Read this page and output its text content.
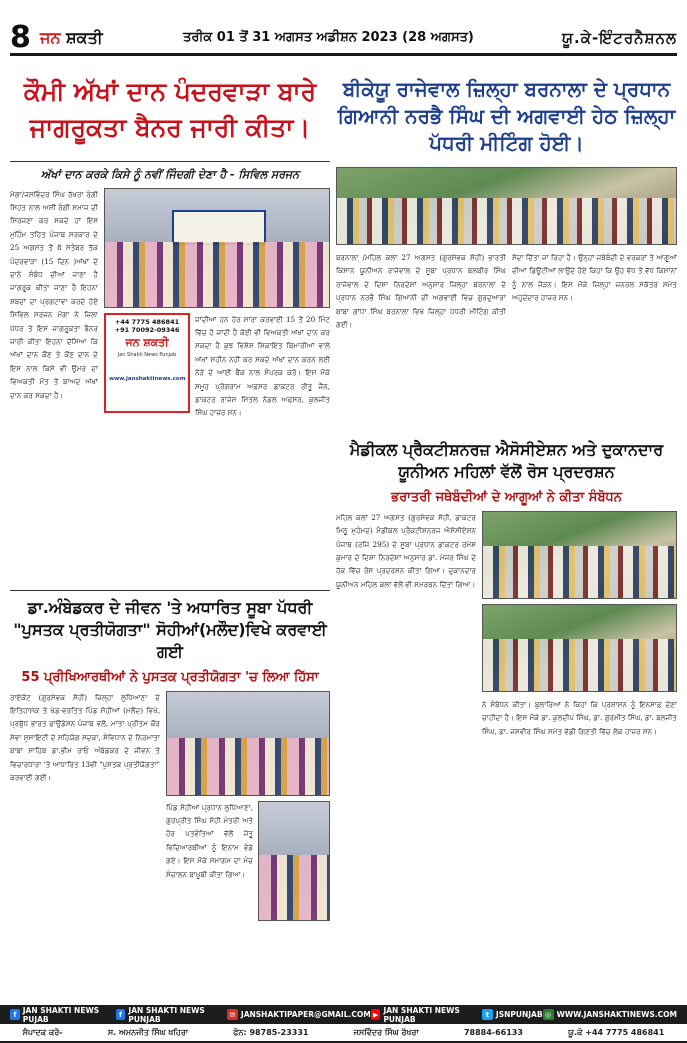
8 ਜਨ
ਸ਼ਕਤੀ	ਤਰੀਕ 01 ਤੋਂ 31 ਅਗਸਤ ਅਡੀਸ਼ਨ 2023 (28 ਅਗਸਤ)	ਯੂ.ਕੇ-ਇੰਟਰਨੈਸ਼ਨਲ
ਕੌਮੀ ਅੱਖਾਂ ਦਾਨ ਪੰਦਰਵਾੜਾ ਬਾਰੇ ਜਾਗਰੂਕਤਾ ਬੈਨਰ ਜਾਰੀ ਕੀਤਾ।
ਅੱਖਾਂ ਦਾਨ ਕਰਕੇ ਕਿਸੇ ਨੂੰ ਨਵੀਂ ਜਿੰਦਗੀ ਦੇਣਾ ਹੈ - ਸਿਵਿਲ ਸਰਜਨ

ਮੋਗਾ/ਜਸਵਿੰਦਰ ਸਿੰਘ ਰੱਖਰਾ ਰੰਗੀ ਸਿਹਤ ਨਾਲ ਅਸੀਂ ਰੰਗੀ ਸਮਾਜ ਦੀ ਸਿਰਜਣਾ ਕਰ ਸਕਦੇ ਹਾਂ ਇਸ ਮੁਹਿੰਮ ਤਹਿਤ ਪੰਜਾਬ ਸਰਕਾਰ ਦੇ 25 ਅਗਸਤ ਤੋਂ 8 ਸਤੰਬਰ ਤੱਕ ਪੰਦਰਵਾੜਾ (15 ਦਿਨ )ਅੱਖਾਂ ਦੇ ਦਾਨੇ ਸੰਬੰਧ ਦੀਆਂ ਜਾਣਾ ਹੈ ਜਾਗਰੂਕ ਕੀਤਾ ਜਾਣਾ ਹੈ ਇਹਨਾ ਸ਼ਬਦਾਂ ਦਾ ਪ੍ਰਗਟਾਵਾ ਕਰਦੇ ਹੋਏ ਸਿਵਿਲ ਸਰਜਨ ਮੋਗਾ ਨੇ ਜ਼ਿਲਾ ਪੱਧਰ ਤੇ ਇਸ ਜਾਗਰੂਕਤਾ ਬੈਨਰ ਜਾਰੀ ਕੀਤਾ ਇਹਨਾ ਦੱਸਿਆ ਕਿ ਅੱਖਾਂ ਦਾਨ ਕੌਣ ਤੇ ਕੌਣ ਦਾਨ ਦੇ ਇਸ ਨਾਲ ਕਿਸੇ ਵੀ ਉਮਰ ਦਾ ਵਿਅਕਤੀ ਮੌਤ ਤੋਂ ਬਾਅਦ ਅੱਖਾਂ ਦਾਨ ਕਰ ਸਕਦਾ ਹੈ।

+44 7775 486841
+91 70092-09346
ਜਨ ਸ਼ਕਤੀ
Jan Shakti News Punjab
www.janshaktinews.com

ਜਾਂਦੀਆਂ ਹਨ ਹੋਰ ਸਾਰਾ ਕਰਵਾਈ 15 ਤੋਂ 20 ਮਿੰਟ ਵਿੱਚ ਹੋ ਜਾਂਦੀ ਹੈ ਕੋਈ ਵੀ ਵਿਅਕਤੀ ਅੱਖਾਂ ਦਾਨ ਕਰ ਸਕਦਾ ਹੈ ਕੁਝ ਵਿਸ਼ੇਸ਼ ਸ਼ਿਕਾਇਤ ਬਿਮਾਰੀਆਂ ਵਾਲੇ ਅੱਖਾਂ ਸਹੀਨ ਨਹੀਂ ਕਰ ਸਕਦੇ ਅੱਖਾਂ ਦਾਨ ਕਰਨ ਲਈ ਨੇੜੇ ਦੇ ਆਈ ਬੈਂਕ ਨਾਲ ਸੰਪਰਕ ਕਰੋ। ਇਸ ਮੌਕੇ ਸਮੂਹ ਪ੍ਰੋਗਰਾਮ ਅਫਸਰ ਡਾਕਟਰ ਰੀਤੂ ਜੈਨ, ਡਾਕਟਰ ਰਾਜੇਸ਼ ਮਿੱਤਲ ਨੋਡਲ ਅਫਸਰ, ਕੁਲਜੀਤ ਸਿੰਘ ਹਾਜ਼ਰ ਸਨ।

ਡਾ.ਅੰਬੇਡਕਰ ਦੇ ਜੀਵਨ 'ਤੇ ਅਧਾਰਿਤ ਸੂਬਾ ਪੱਧਰੀ "ਪੁਸਤਕ ਪ੍ਰਤੀਯੋਗਤਾ" ਸੋਹੀਆਂ(ਮਲੌਦ)ਵਿਖੇ ਕਰਵਾਈ ਗਈ
55 ਪ੍ਰੀਖਿਆਰਥੀਆਂ ਨੇ ਪੁਸਤਕ ਪ੍ਰਤੀਯੋਗਤਾ 'ਚ ਲਿਆ ਹਿੱਸਾ

ਰਾਏਕੋਟ (ਗੁਰਸੇਵਕ ਸੋਹੀ) ਜ਼ਿਲ੍ਹਾ ਲੁਧਿਆਣਾ ਦੇ ਇਤਿਹਾਸਕ ਤੇ ਖੇਡ-ਵਰਤਿਤ ਪਿੰਡ ਸੋਹੀਆਂ (ਮਲੌਦ) ਵਿਖੇ, ਪ੍ਰਬੁੱਧ ਭਾਰਤ ਫਾਉਂਡੇਸ਼ਨ ਪੰਜਾਬ ਵਲੋਂ, ਮਾਤਾ ਪ੍ਰੀਤਮ ਕੌਰ ਸੇਵਾ ਸੁਸਾਇਟੀ ਦੇ ਸਹਿਯੋਗ ਸਦਕਾ, ਸੰਵਿਧਾਨ ਦੇ ਨਿਰਮਾਤਾ ਬਾਬਾ ਸਾਹਿਬ ਡਾ.ਭੀਮ ਰਾਓ ਅੰਬੇਡਕਰ ਦੇ ਜੀਵਨ ਤੇ ਵਿਚਾਰਧਾਰਾ 'ਤੇ ਆਧਾਰਿਤ 13ਵੀਂ "ਪੁਸਤਕ ਪ੍ਰਤੀਯੋਗਤਾ" ਕਰਵਾਈ ਗਈ।

ਪਿੰਡ ਸੋਹੀਆਂ ਪ੍ਰਧਾਨ ਲੁਧਿਆਣਾ, ਗੁਰਪ੍ਰੀਤ ਸਿੰਘ ਸੋਹੀ ਮੰਤਰੀ ਅਤੇ ਹੋਰ ਪਤਵੰਤਿਆਂ ਵੱਲੋਂ ਜੇਤੂ ਵਿਦਿਆਰਥੀਆਂ ਨੂੰ ਇਨਾਮ ਵੰਡੇ ਗਏ। ਇਸ ਮੌਕੇ ਸਮਾਗਮ ਦਾ ਮੰਚ ਸੰਚਾਲਨ ਬਾਖ਼ੂਬੀ ਕੀਤਾ ਗਿਆ।

ਬੀਕੇਯੂ ਰਾਜੇਵਾਲ ਜ਼ਿਲ੍ਹਾ ਬਰਨਾਲਾ ਦੇ ਪ੍ਰਧਾਨ ਗਿਆਨੀ ਨਰਭੈ ਸਿੰਘ ਦੀ ਅਗਵਾਈ ਹੇਠ ਜ਼ਿਲ੍ਹਾ ਪੱਧਰੀ ਮੀਟਿੰਗ ਹੋਈ।

ਬਰਨਾਲਾ /ਮਹਿਲ ਕਲਾਂ 27 ਅਗਸਤ (ਗੁਰਸੇਵਕ ਸੋਹੀ) ਭਾਰਤੀ ਕਿਸਾਨ ਯੂਨੀਅਨ ਰਾਜੇਵਾਲ ਦੇ ਸੂਬਾ ਪ੍ਰਧਾਨ ਬਲਬੀਰ ਸਿੰਘ ਰਾਜੇਵਾਲ ਦੇ ਦਿਸ਼ਾ ਨਿਰਦੇਸ਼ਾਂ ਅਨੁਸਾਰ ਜ਼ਿਲ੍ਹਾ ਬਰਨਾਲਾ ਦੇ ਪ੍ਰਧਾਨ ਨਰਭੈ ਸਿੰਘ ਗਿਆਨੀ ਦੀ ਅਗਵਾਈ ਵਿਚ ਗੁਰਦੁਆਰਾ ਬਾਬਾ ਗਾਂਧਾ ਸਿੰਘ ਬਰਨਾਲਾ ਵਿਖੇ ਜ਼ਿਲ੍ਹਾ ਪੱਧਰੀ ਮੀਟਿੰਗ ਕੀਤੀ ਗਈ।

ਸੋਦਾ ਦਿੱਤਾ ਜਾ ਰਿਹਾ ਹੈ। ਉਨ੍ਹਾਂ ਜਥੇਬੰਦੀ ਦੇ ਵਰਕਰਾਂ ਤੇ ਆਗੂਆਂ ਦੀਆਂ ਡਿਊਟੀਆਂ ਲਾਉਂਦੇ ਹੋਏ ਕਿਹਾ ਕਿ ਉਹ ਵੱਧ ਤੋਂ ਵੱਧ ਕਿਸਾਨਾਂ ਨੂੰ ਨਾਲ ਜੋੜਨ। ਇਸ ਮੌਕੇ ਜ਼ਿਲ੍ਹਾ ਜਨਰਲ ਸਕੱਤਰ ਸਮੇਤ ਅਹੁਦੇਦਾਰ ਹਾਜ਼ਰ ਸਨ।

ਮੈਡੀਕਲ ਪ੍ਰੈਕਟੀਸ਼ਨਰਜ਼ ਐਸੋਸੀਏਸ਼ਨ ਅਤੇ ਦੁਕਾਨਦਾਰ ਯੂਨੀਅਨ ਮਹਿਲਾਂ ਵੱਲੋਂ ਰੋਸ ਪ੍ਰਦਰਸ਼ਨ
ਭਰਾਤਰੀ ਜਥੇਬੰਦੀਆਂ ਦੇ ਆਗੂਆਂ ਨੇ ਕੀਤਾ ਸੰਬੋਧਨ

ਮਹਿਲ ਕਲਾਂ 27 ਅਗਸਤ (ਗੁਰਸੇਵਕ ਸੋਹੀ, ਡਾਕਟਰ ਮਿਠੂ ਮੁਹੰਮਦ) ਮੈਡੀਕਲ ਪ੍ਰੈਕਟੀਸ਼ਨਰਜ਼ ਐਸੋਸੀਏਸ਼ਨ ਪੰਜਾਬ (ਰਜਿ 295) ਦੇ ਸੂਬਾ ਪ੍ਰਧਾਨ ਡਾਕਟਰ ਰਮੇਸ਼ ਕੁਮਾਰ ਦੇ ਦਿਸ਼ਾ ਨਿਰਦੇਸ਼ਾਂ ਅਨੁਸਾਰ ਡਾ. ਮੇਜਰ ਸਿੰਘ ਦੇ ਹੱਕ ਵਿੱਚ ਰੋਸ ਪ੍ਰਦਰਸ਼ਨ ਕੀਤਾ ਗਿਆ। ਦੁਕਾਨਦਾਰ ਯੂਨੀਅਨ ਮਹਿਲ ਕਲਾਂ ਵੱਲੋਂ ਵੀ ਸਮਰਥਨ ਦਿੱਤਾ ਗਿਆ।

ਨੇ ਸੰਬੋਧਨ ਕੀਤਾ। ਬੁਲਾਰਿਆਂ ਨੇ ਕਿਹਾ ਕਿ ਪ੍ਰਸ਼ਾਸਨ ਨੂੰ ਇਨਸਾਫ਼ ਦੇਣਾ ਚਾਹੀਦਾ ਹੈ। ਇਸ ਮੌਕੇ ਡਾ. ਕੁਲਦੀਪ ਸਿੰਘ, ਡਾ. ਗੁਰਮੀਤ ਸਿੰਘ, ਡਾ. ਬਲਜੀਤ ਸਿੰਘ, ਡਾ. ਜਸਵੀਰ ਸਿੰਘ ਸਮੇਤ ਵੱਡੀ ਗਿਣਤੀ ਵਿੱਚ ਲੋਕ ਹਾਜ਼ਰ ਸਨ।

f JAN SHAKTI NEWS PUJAB	f JAN SHAKTI NEWS PUNJAB	✉ JANSHAKTIPAPER@GMAIL.COM ▶ JAN SHAKTI NEWS PUNJAB	t JSNPUNJAB ◎ WWW.JANSHAKTINEWS.COM
ਸੰਪਾਦਕ ਕਰੋ-	ਸ. ਅਮਨਜੀਤ ਸਿੰਘ ਖਹਿਰਾ	ਫੋਨ: 98785-23331	ਜਸਵਿੰਦਰ ਸਿੰਘ ਰੱਖਰਾ	78884-66133	ਯੂ.ਕੇ +44 7775 486841
